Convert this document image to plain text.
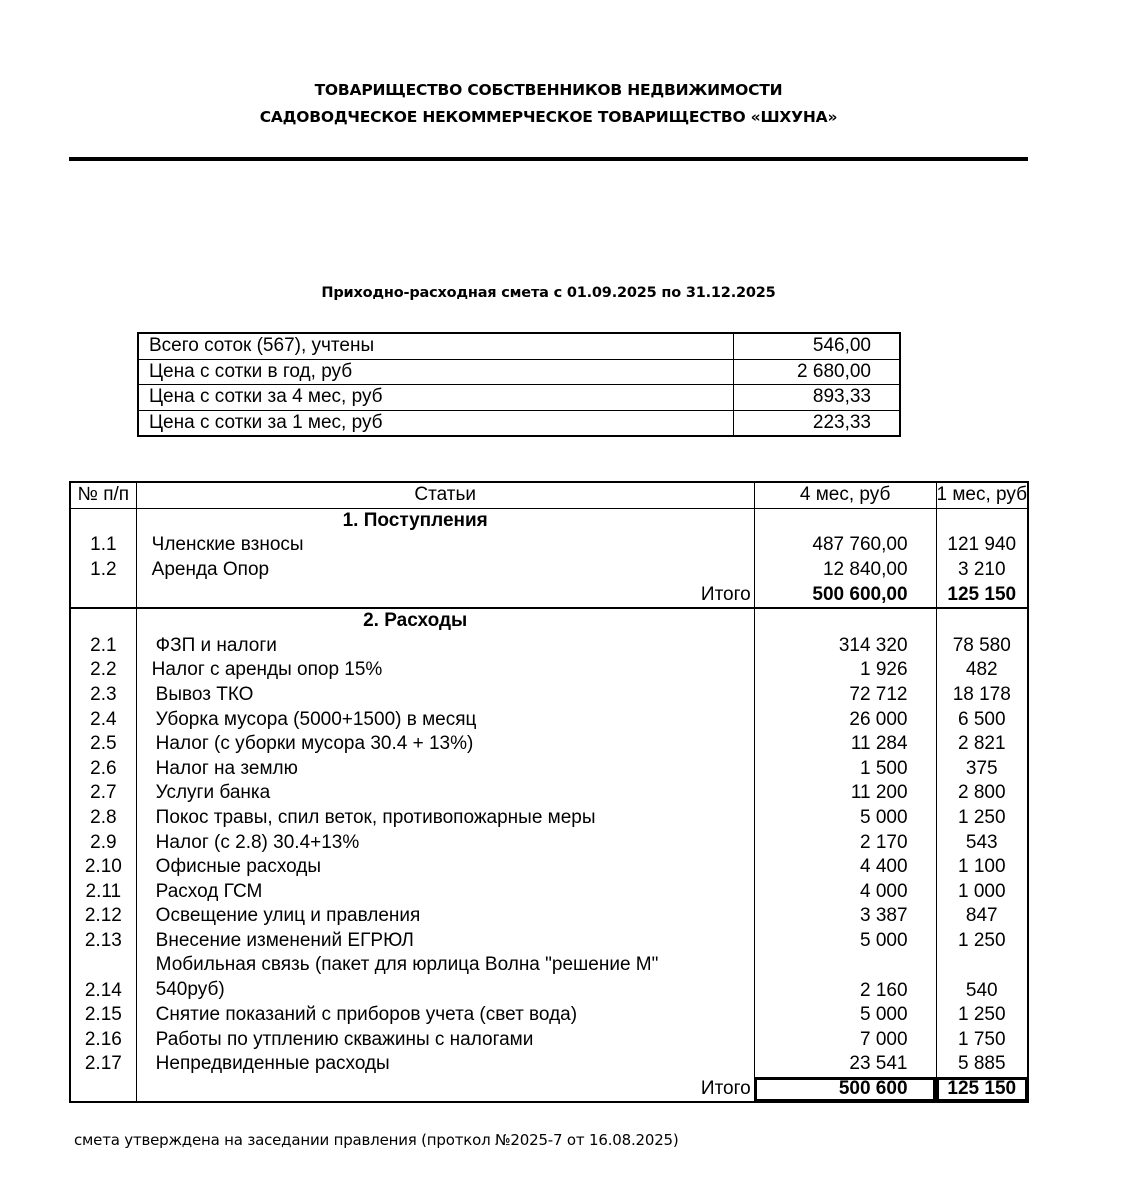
ТОВАРИЩЕСТВО СОБСТВЕННИКОВ НЕДВИЖИМОСТИ
САДОВОДЧЕСКОЕ НЕКОММЕРЧЕСКОЕ ТОВАРИЩЕСТВО «ШХУНА»
Приходно-расходная смета с 01.09.2025 по 31.12.2025
Всего соток (567), учтены	546,00
Цена с сотки в год, руб	2 680,00
Цена с сотки за 4 мес, руб	893,33
Цена с сотки за 1 мес, руб	223,33
№ п/п	Статьи	4 мес, руб	1 мес, руб
	1. Поступления		
1.1	Членские взносы	487 760,00	121 940
1.2	Аренда Опор	12 840,00	3 210
	Итого	500 600,00	125 150
	2. Расходы		
2.1	ФЗП и налоги	314 320	78 580
2.2	Налог с аренды опор 15%	1 926	482
2.3	Вывоз ТКО	72 712	18 178
2.4	Уборка мусора (5000+1500) в месяц	26 000	6 500
2.5	Налог (с уборки мусора 30.4 + 13%)	11 284	2 821
2.6	Налог на землю	1 500	375
2.7	Услуги банка	11 200	2 800
2.8	Покос травы, спил веток, противопожарные меры	5 000	1 250
2.9	Налог (с 2.8) 30.4+13%	2 170	543
2.10	Офисные расходы	4 400	1 100
2.11	Расход ГСМ	4 000	1 000
2.12	Освещение улиц и правления	3 387	847
2.13	Внесение изменений ЕГРЮЛ	5 000	1 250
2.14	Мобильная связь (пакет для юрлица Волна "решение М" 540руб)	2 160	540
2.15	Снятие показаний с приборов учета (свет вода)	5 000	1 250
2.16	Работы по утплению скважины с налогами	7 000	1 750
2.17	Непредвиденные расходы	23 541	5 885
	Итого	500 600	125 150
смета утверждена на заседании правления (проткол №2025-7 от 16.08.2025)
